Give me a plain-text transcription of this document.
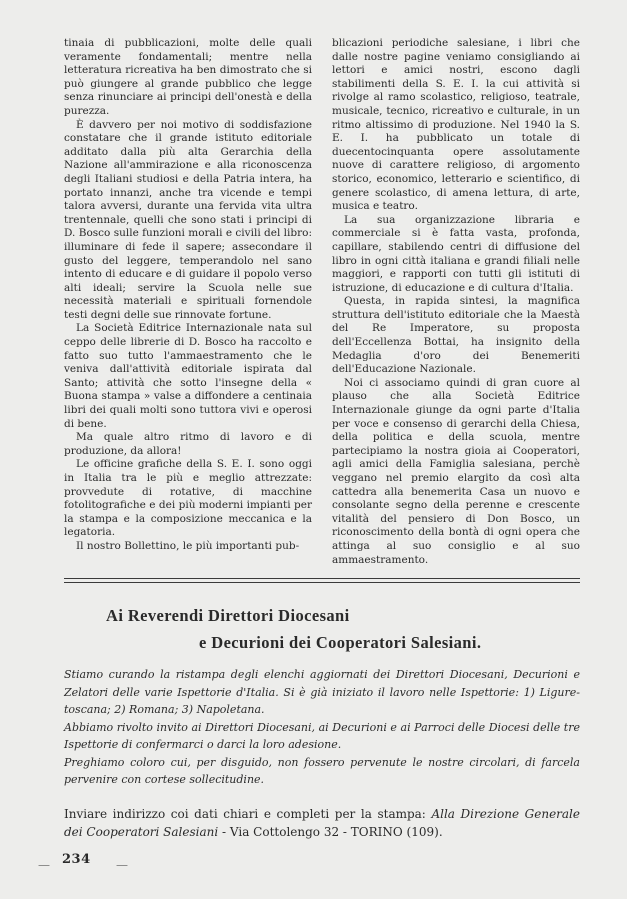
tinaia di pubblicazioni, molte delle quali veramente fondamentali; mentre nella letteratura ricreativa ha ben dimostrato che si può giungere al grande pubblico che legge senza rinunciare ai principi dell'onestà e della purezza.

È davvero per noi motivo di soddisfazione constatare che il grande istituto editoriale additato dalla più alta Gerarchia della Nazione all'ammirazione e alla riconoscenza degli Italiani studiosi e della Patria intera, ha portato innanzi, anche tra vicende e tempi talora avversi, durante una fervida vita ultra trentennale, quelli che sono stati i principi di D. Bosco sulle funzioni morali e civili del libro: illuminare di fede il sapere; assecondare il gusto del leggere, temperandolo nel sano intento di educare e di guidare il popolo verso alti ideali; servire la Scuola nelle sue necessità materiali e spirituali fornendole testi degni delle sue rinnovate fortune.

La Società Editrice Internazionale nata sul ceppo delle librerie di D. Bosco ha raccolto e fatto suo tutto l'ammaestramento che le veniva dall'attività editoriale ispirata dal Santo; attività che sotto l'insegne della « Buona stampa » valse a diffondere a centinaia libri dei quali molti sono tuttora vivi e operosi di bene.

Ma quale altro ritmo di lavoro e di produzione, da allora!

Le officine grafiche della S. E. I. sono oggi in Italia tra le più e meglio attrezzate: provvedute di rotative, di macchine fotolitografiche e dei più moderni impianti per la stampa e la composizione meccanica e la legatoria.

Il nostro Bollettino, le più importanti pub-

blicazioni periodiche salesiane, i libri che dalle nostre pagine veniamo consigliando ai lettori e amici nostri, escono dagli stabilimenti della S. E. I. la cui attività si rivolge al ramo scolastico, religioso, teatrale, musicale, tecnico, ricreativo e culturale, in un ritmo altissimo di produzione. Nel 1940 la S. E. I. ha pubblicato un totale di duecentocinquanta opere assolutamente nuove di carattere religioso, di argomento storico, economico, letterario e scientifico, di genere scolastico, di amena lettura, di arte, musica e teatro.

La sua organizzazione libraria e commerciale si è fatta vasta, profonda, capillare, stabilendo centri di diffusione del libro in ogni città italiana e grandi filiali nelle maggiori, e rapporti con tutti gli istituti di istruzione, di educazione e di cultura d'Italia.

Questa, in rapida sintesi, la magnifica struttura dell'istituto editoriale che la Maestà del Re Imperatore, su proposta dell'Eccellenza Bottai, ha insignito della Medaglia d'oro dei Benemeriti dell'Educazione Nazionale.

Noi ci associamo quindi di gran cuore al plauso che alla Società Editrice Internazionale giunge da ogni parte d'Italia per voce e consenso di gerarchi della Chiesa, della politica e della scuola, mentre partecipiamo la nostra gioia ai Cooperatori, agli amici della Famiglia salesiana, perchè veggano nel premio elargito da così alta cattedra alla benemerita Casa un nuovo e consolante segno della perenne e crescente vitalità del pensiero di Don Bosco, un riconoscimento della bontà di ogni opera che attinga al suo consiglio e al suo ammaestramento.

Ai Reverendi Direttori Diocesani
e Decurioni dei Cooperatori Salesiani.

Stiamo curando la ristampa degli elenchi aggiornati dei Direttori Diocesani, Decurioni e Zelatori delle varie Ispettorie d'Italia. Si è già iniziato il lavoro nelle Ispettorie: 1) Ligure-toscana; 2) Romana; 3) Napoletana.

Abbiamo rivolto invito ai Direttori Diocesani, ai Decurioni e ai Parroci delle Diocesi delle tre Ispettorie di confermarci o darci la loro adesione.

Preghiamo coloro cui, per disguido, non fossero pervenute le nostre circolari, di farcela pervenire con cortese sollecitudine.

Inviare indirizzo coi dati chiari e completi per la stampa: Alla Direzione Generale dei Cooperatori Salesiani - Via Cottolengo 32 - TORINO (109).

— 234 —
